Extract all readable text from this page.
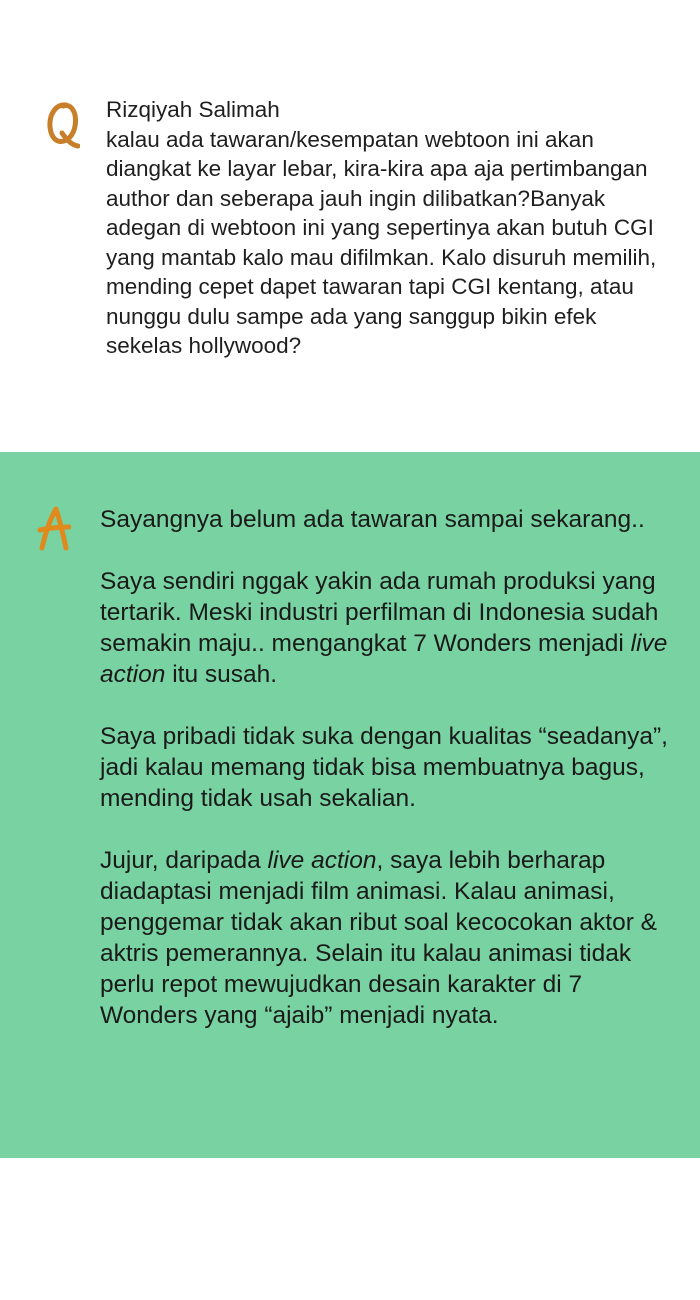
Rizqiyah Salimah

kalau ada tawaran/kesempatan webtoon ini akan diangkat ke layar lebar, kira-kira apa aja pertimbangan author dan seberapa jauh ingin dilibatkan?Banyak adegan di webtoon ini yang sepertinya akan butuh CGI yang mantab kalo mau difilmkan. Kalo disuruh memilih, mending cepet dapet tawaran tapi CGI kentang, atau nunggu dulu sampe ada yang sanggup bikin efek sekelas hollywood?

Sayangnya belum ada tawaran sampai sekarang..

Saya sendiri nggak yakin ada rumah produksi yang tertarik. Meski industri perfilman di Indonesia sudah semakin maju.. mengangkat 7 Wonders menjadi live action itu susah.

Saya pribadi tidak suka dengan kualitas “seadanya”, jadi kalau memang tidak bisa membuatnya bagus, mending tidak usah sekalian.

Jujur, daripada live action, saya lebih berharap diadaptasi menjadi film animasi. Kalau animasi, penggemar tidak akan ribut soal kecocokan aktor & aktris pemerannya. Selain itu kalau animasi tidak perlu repot mewujudkan desain karakter di 7 Wonders yang “ajaib” menjadi nyata.
